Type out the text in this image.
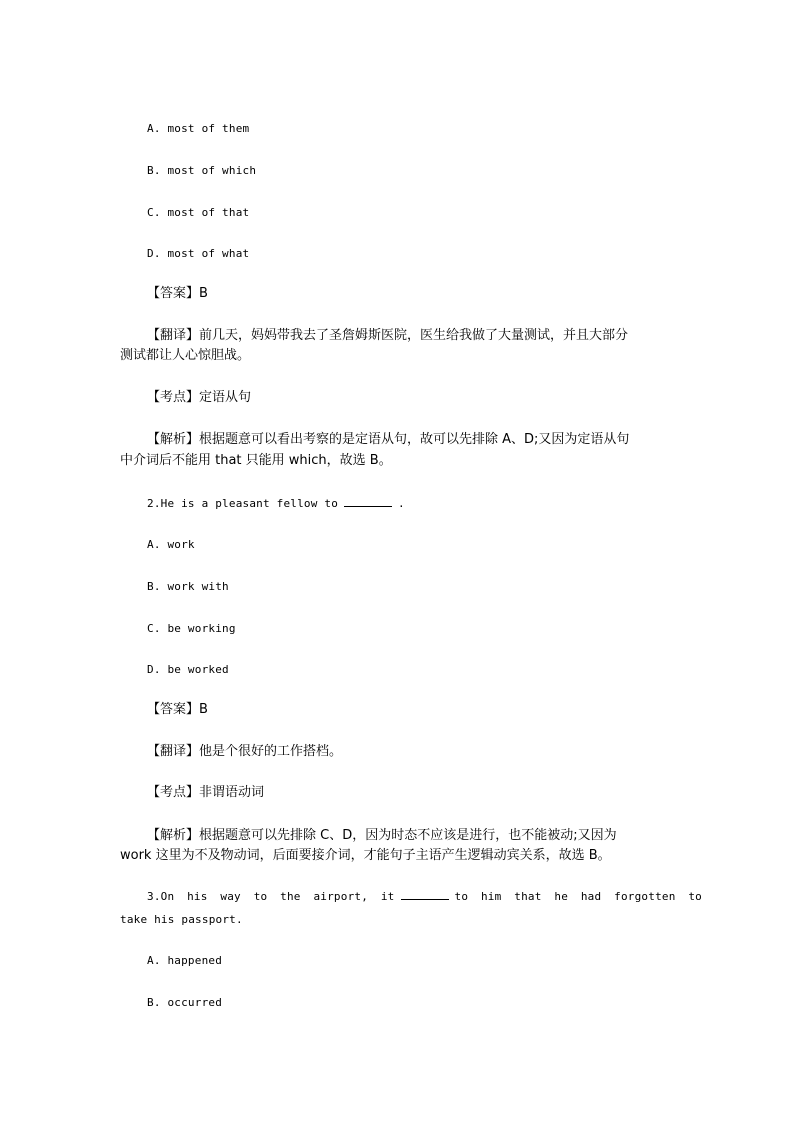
A. most of them
B. most of which
C. most of that
D. most of what
【答案】B
【翻译】前几天，妈妈带我去了圣詹姆斯医院，医生给我做了大量测试，并且大部分
测试都让人心惊胆战。
【考点】定语从句
【解析】根据题意可以看出考察的是定语从句，故可以先排除 A、D;又因为定语从句
中介词后不能用 that 只能用 which，故选 B。
2.He is a pleasant fellow to	.
A. work
B. work with
C. be working
D. be worked
【答案】B
【翻译】他是个很好的工作搭档。
【考点】非谓语动词
【解析】根据题意可以先排除 C、D，因为时态不应该是进行，也不能被动;又因为
work 这里为不及物动词，后面要接介词，才能句子主语产生逻辑动宾关系，故选 B。
3.On his way to the airport, it	to him that he had forgotten to
take his passport.
A. happened
B. occurred
